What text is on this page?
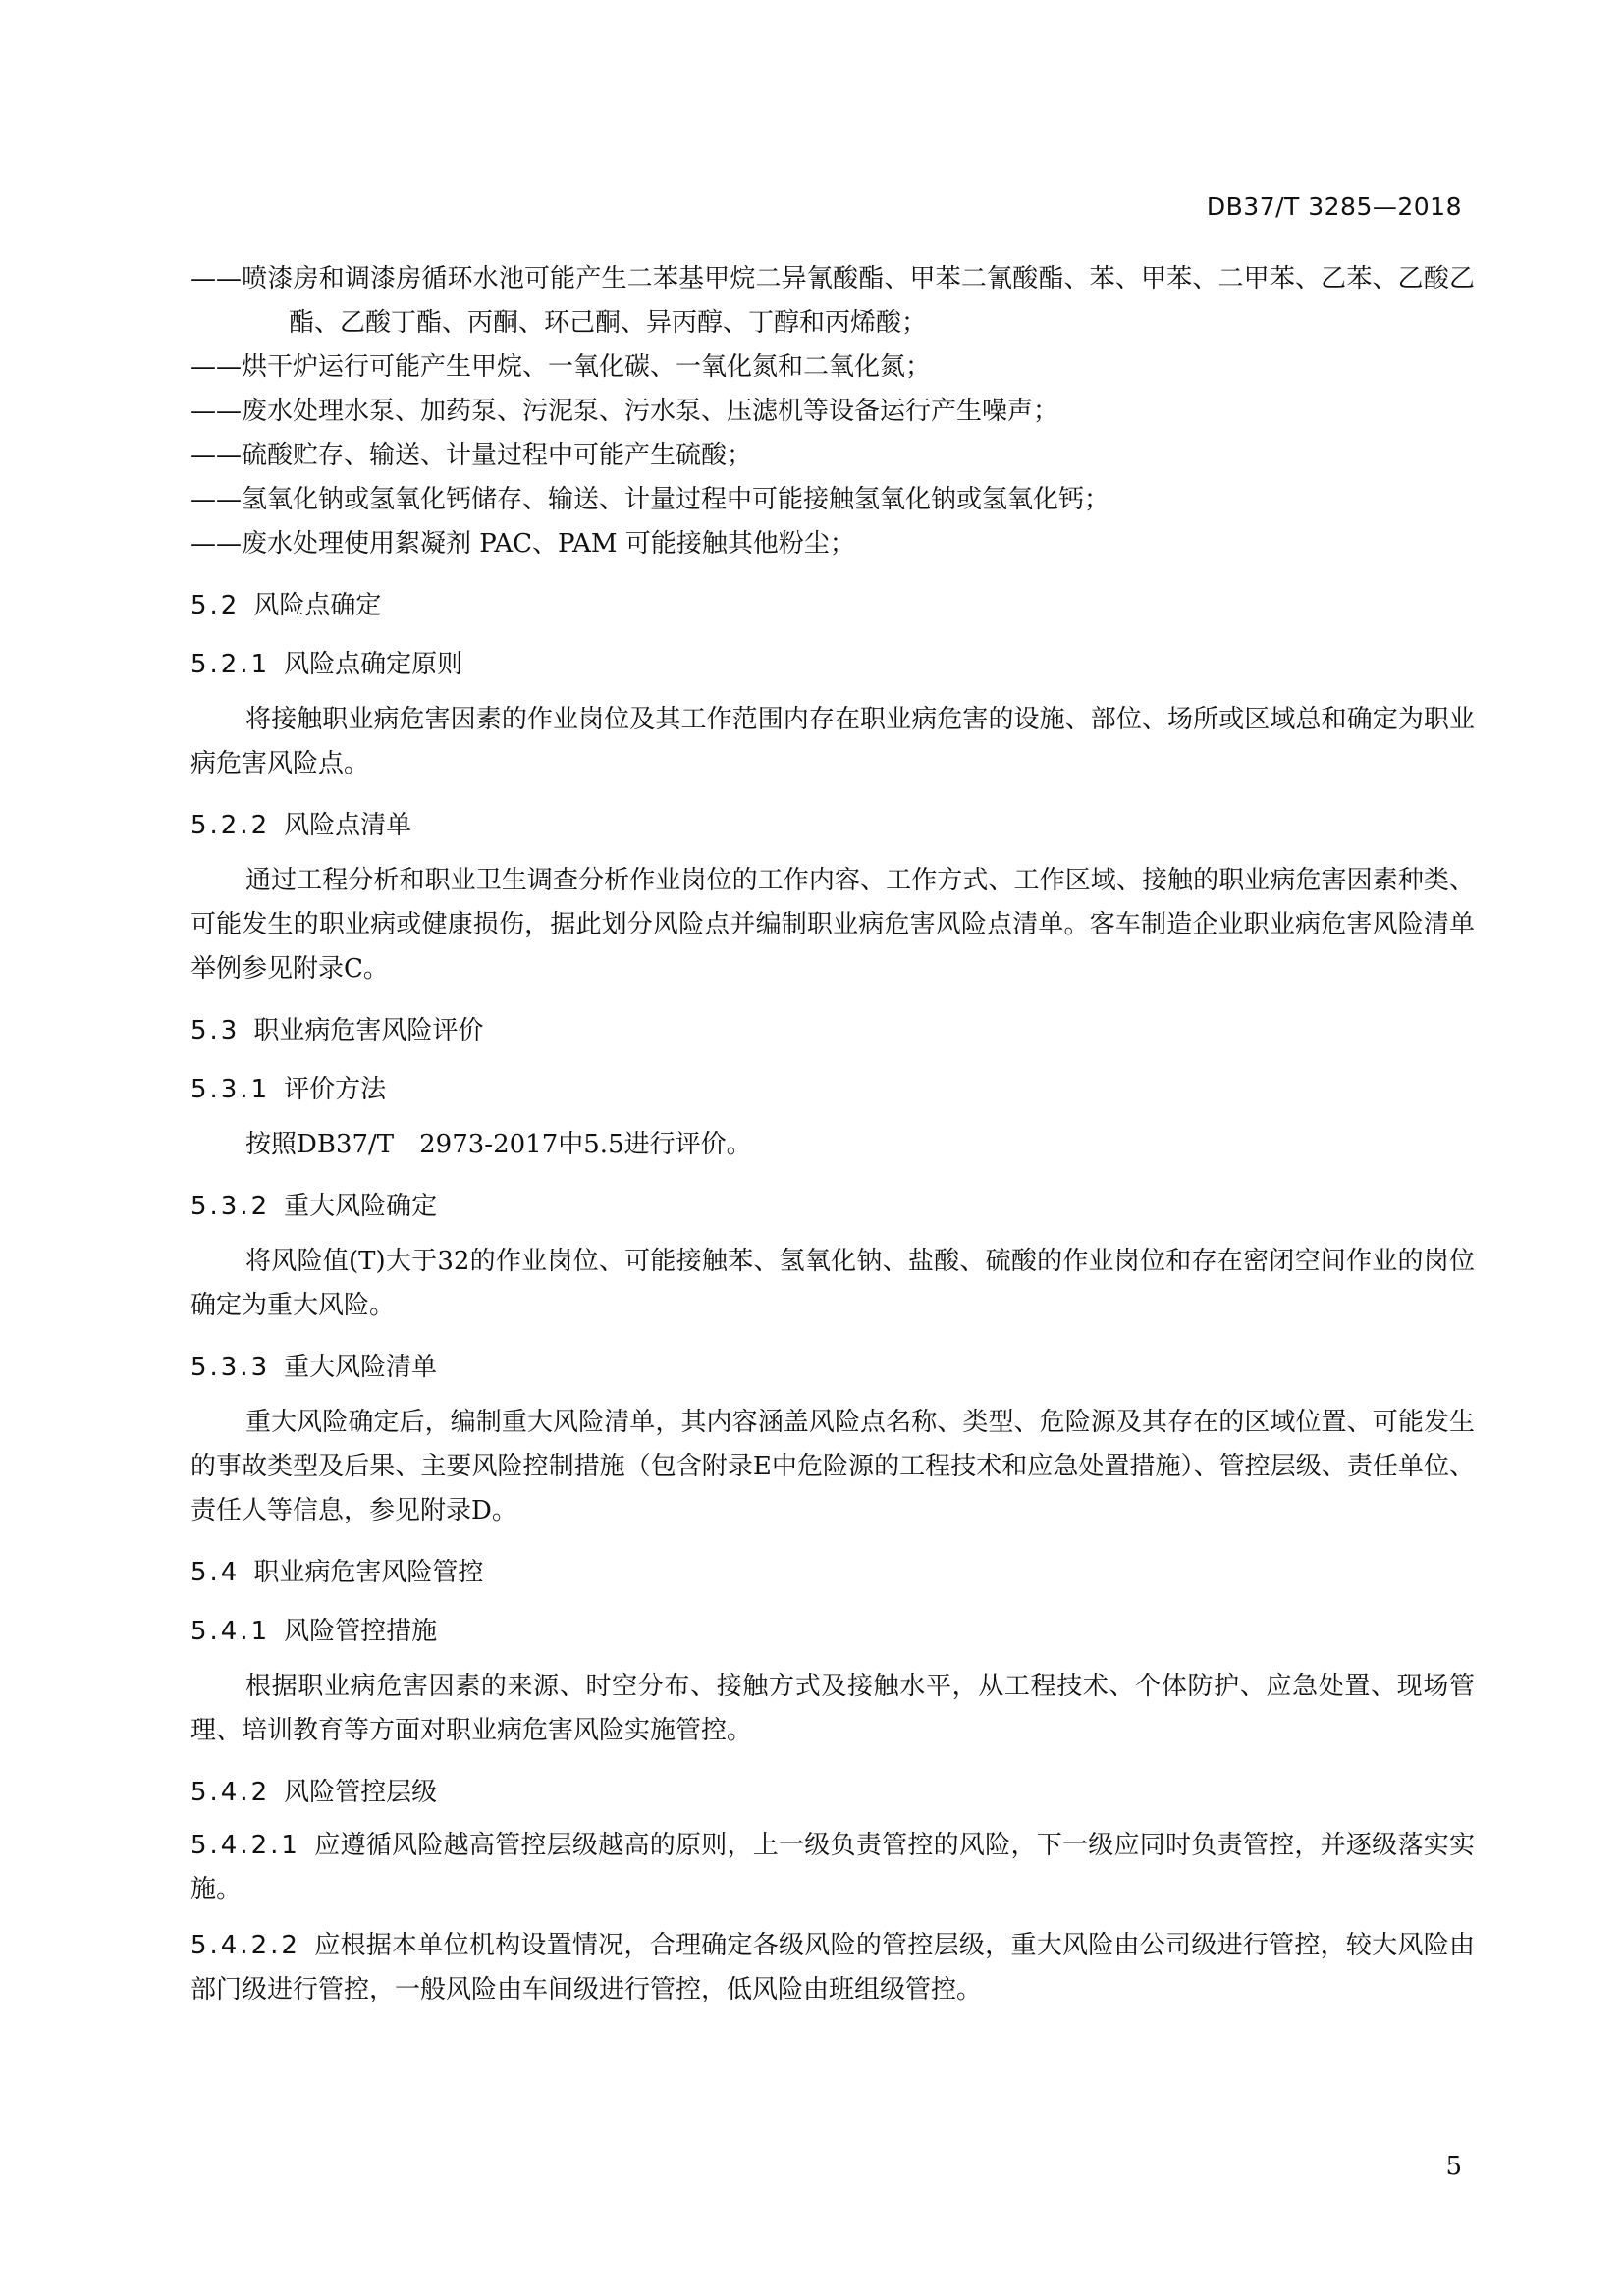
DB37/T 3285—2018
——喷漆房和调漆房循环水池可能产生二苯基甲烷二异氰酸酯、甲苯二氰酸酯、苯、甲苯、二甲苯、乙苯、乙酸乙酯、乙酸丁酯、丙酮、环己酮、异丙醇、丁醇和丙烯酸；
——烘干炉运行可能产生甲烷、一氧化碳、一氧化氮和二氧化氮；
——废水处理水泵、加药泵、污泥泵、污水泵、压滤机等设备运行产生噪声；
——硫酸贮存、输送、计量过程中可能产生硫酸；
——氢氧化钠或氢氧化钙储存、输送、计量过程中可能接触氢氧化钠或氢氧化钙；
——废水处理使用絮凝剂 PAC、PAM 可能接触其他粉尘；
5.2 风险点确定
5.2.1 风险点确定原则
将接触职业病危害因素的作业岗位及其工作范围内存在职业病危害的设施、部位、场所或区域总和确定为职业病危害风险点。
5.2.2 风险点清单
通过工程分析和职业卫生调查分析作业岗位的工作内容、工作方式、工作区域、接触的职业病危害因素种类、可能发生的职业病或健康损伤，据此划分风险点并编制职业病危害风险点清单。客车制造企业职业病危害风险清单举例参见附录C。
5.3 职业病危害风险评价
5.3.1 评价方法
按照DB37/T　2973-2017中5.5进行评价。
5.3.2 重大风险确定
将风险值(T)大于32的作业岗位、可能接触苯、氢氧化钠、盐酸、硫酸的作业岗位和存在密闭空间作业的岗位确定为重大风险。
5.3.3 重大风险清单
重大风险确定后，编制重大风险清单，其内容涵盖风险点名称、类型、危险源及其存在的区域位置、可能发生的事故类型及后果、主要风险控制措施（包含附录E中危险源的工程技术和应急处置措施）、管控层级、责任单位、责任人等信息，参见附录D。
5.4 职业病危害风险管控
5.4.1 风险管控措施
根据职业病危害因素的来源、时空分布、接触方式及接触水平，从工程技术、个体防护、应急处置、现场管理、培训教育等方面对职业病危害风险实施管控。
5.4.2 风险管控层级
5.4.2.1 应遵循风险越高管控层级越高的原则，上一级负责管控的风险，下一级应同时负责管控，并逐级落实实施。
5.4.2.2 应根据本单位机构设置情况，合理确定各级风险的管控层级，重大风险由公司级进行管控，较大风险由部门级进行管控，一般风险由车间级进行管控，低风险由班组级管控。
5
